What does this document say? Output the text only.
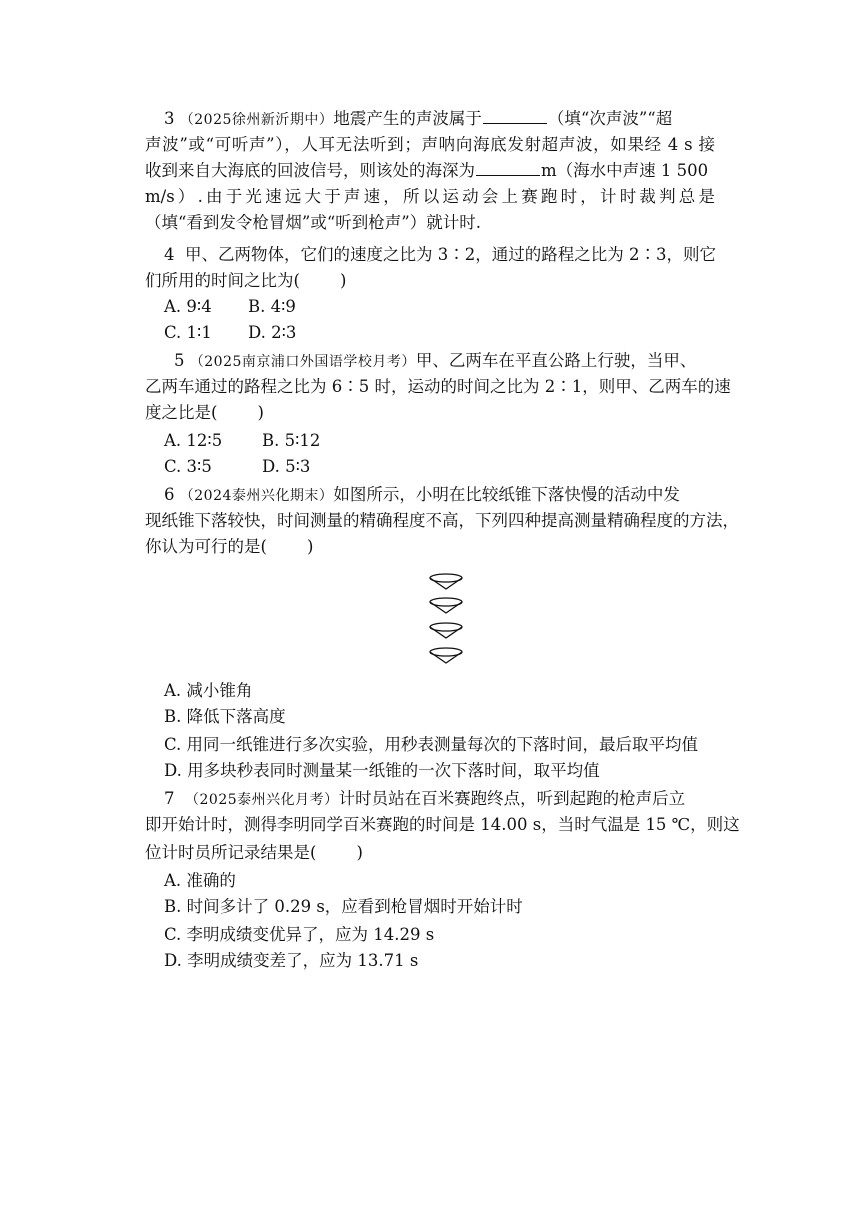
3 （2025徐州新沂期中）地震产生的声波属于	（填“次声波”“超
声波”或“可听声”），人耳无法听到；声呐向海底发射超声波，如果经 4 s 接
收到来自大海底的回波信号，则该处的海深为	m（海水中声速 1 500
m/s）.由于光速远大于声速，所以运动会上赛跑时，计时裁判总是
（填“看到发令枪冒烟”或“听到枪声”）就计时.
4 甲、乙两物体，它们的速度之比为 3∶2，通过的路程之比为 2∶3，则它
们所用的时间之比为( )
A. 9∶4 B. 4∶9
C. 1∶1 D. 2∶3
5 （2025南京浦口外国语学校月考）甲、乙两车在平直公路上行驶，当甲、
乙两车通过的路程之比为 6∶5 时，运动的时间之比为 2∶1，则甲、乙两车的速
度之比是( )
A. 12∶5 B. 5∶12
C. 3∶5	D. 5∶3
6 （2024泰州兴化期末）如图所示，小明在比较纸锥下落快慢的活动中发
现纸锥下落较快，时间测量的精确程度不高，下列四种提高测量精确程度的方法，
你认为可行的是( )
A. 减小锥角
B. 降低下落高度
C. 用同一纸锥进行多次实验，用秒表测量每次的下落时间，最后取平均值
D. 用多块秒表同时测量某一纸锥的一次下落时间，取平均值
7 （2025泰州兴化月考）计时员站在百米赛跑终点，听到起跑的枪声后立
即开始计时，测得李明同学百米赛跑的时间是 14.00 s，当时气温是 15 ℃，则这
位计时员所记录结果是( )
A. 准确的
B. 时间多计了 0.29 s，应看到枪冒烟时开始计时
C. 李明成绩变优异了，应为 14.29 s
D. 李明成绩变差了，应为 13.71 s
